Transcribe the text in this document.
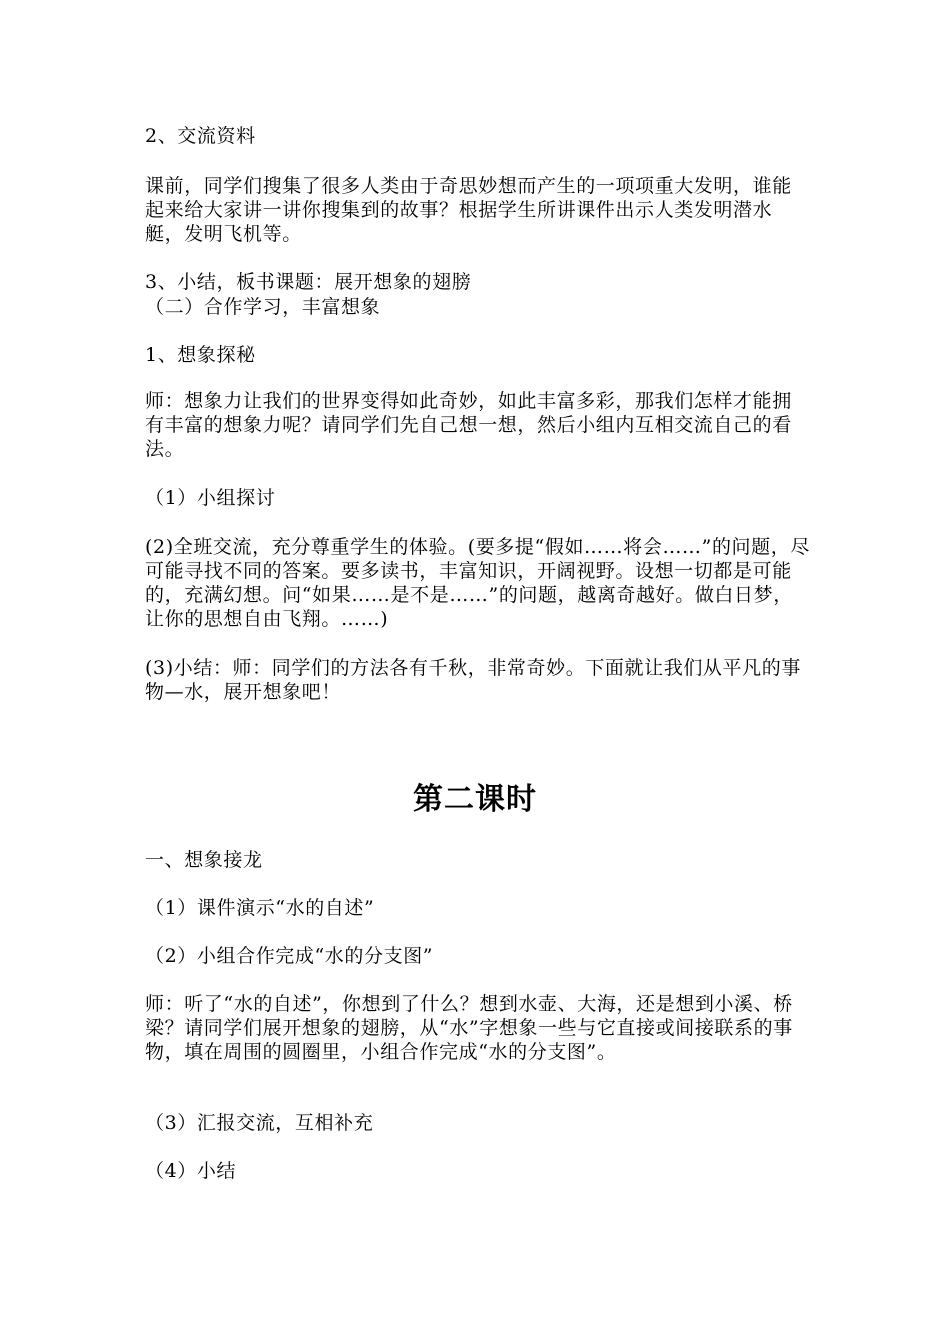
2、交流资料

课前，同学们搜集了很多人类由于奇思妙想而产生的一项项重大发明，谁能起来给大家讲一讲你搜集到的故事？根据学生所讲课件出示人类发明潜水艇，发明飞机等。

3、小结，板书课题：展开想象的翅膀

（二）合作学习，丰富想象

1、想象探秘

师：想象力让我们的世界变得如此奇妙，如此丰富多彩，那我们怎样才能拥有丰富的想象力呢？请同学们先自己想一想，然后小组内互相交流自己的看法。

（1）小组探讨

(2)全班交流，充分尊重学生的体验。(要多提“假如……将会……”的问题，尽可能寻找不同的答案。要多读书，丰富知识，开阔视野。设想一切都是可能的，充满幻想。问“如果……是不是……”的问题，越离奇越好。做白日梦，让你的思想自由飞翔。……)

(3)小结：师：同学们的方法各有千秋，非常奇妙。下面就让我们从平凡的事物—水，展开想象吧！

第二课时

一、想象接龙

（1）课件演示“水的自述”

（2）小组合作完成“水的分支图”

师：听了“水的自述”，你想到了什么？想到水壶、大海，还是想到小溪、桥梁？请同学们展开想象的翅膀，从“水”字想象一些与它直接或间接联系的事物，填在周围的圆圈里，小组合作完成“水的分支图”。

（3）汇报交流，互相补充

（4）小结
